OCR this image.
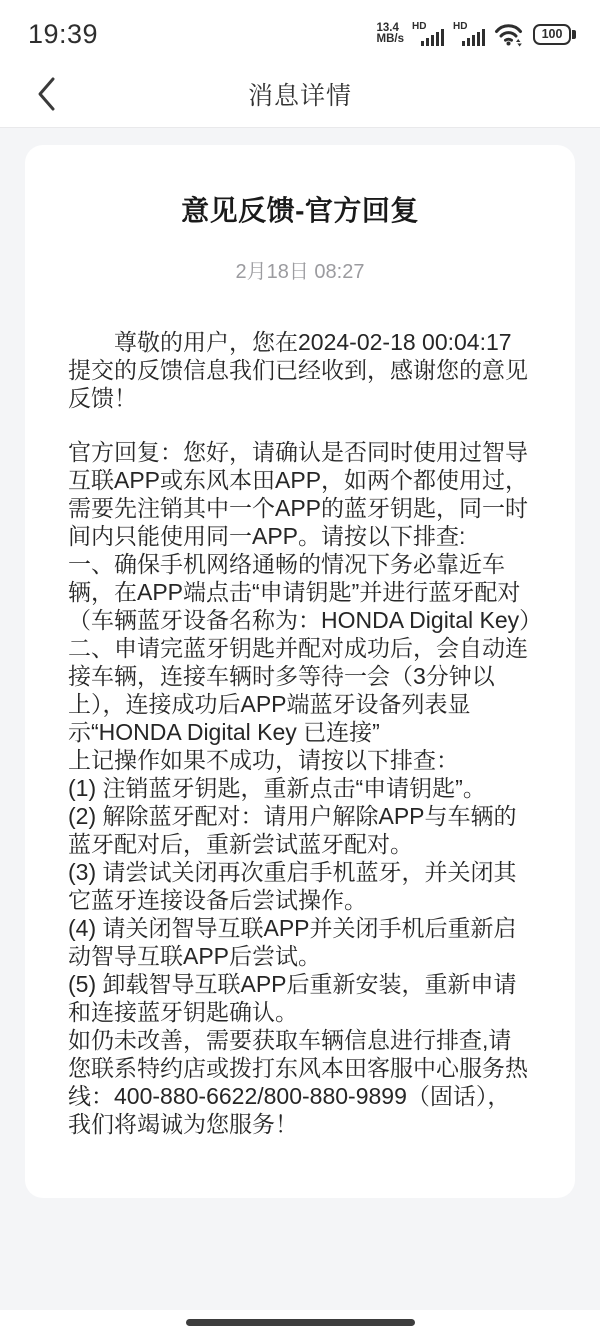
19:39	13.4
MB/s
HD	HD
100
消息详情
意见反馈-官方回复
2月18日 08:27

尊敬的用户，您在2024-02-18 00:04:17提交的反馈信息我们已经收到，感谢您的意见反馈！

官方回复：您好，请确认是否同时使用过智导互联APP或东风本田APP，如两个都使用过，需要先注销其中一个APP的蓝牙钥匙，同一时间内只能使用同一APP。请按以下排查:

一、确保手机网络通畅的情况下务必靠近车辆，在APP端点击“申请钥匙”并进行蓝牙配对（车辆蓝牙设备名称为：HONDA Digital Key）

二、申请完蓝牙钥匙并配对成功后，会自动连接车辆，连接车辆时多等待一会（3分钟以上），连接成功后APP端蓝牙设备列表显示“HONDA Digital Key 已连接”

上记操作如果不成功，请按以下排查：

(1) 注销蓝牙钥匙，重新点击“申请钥匙”。

(2) 解除蓝牙配对：请用户解除APP与车辆的蓝牙配对后，重新尝试蓝牙配对。

(3) 请尝试关闭再次重启手机蓝牙，并关闭其它蓝牙连接设备后尝试操作。

(4) 请关闭智导互联APP并关闭手机后重新启动智导互联APP后尝试。

(5) 卸载智导互联APP后重新安装，重新申请和连接蓝牙钥匙确认。

如仍未改善，需要获取车辆信息进行排查,请您联系特约店或拨打东风本田客服中心服务热线：400-880-6622/800-880-9899（固话），我们将竭诚为您服务！
